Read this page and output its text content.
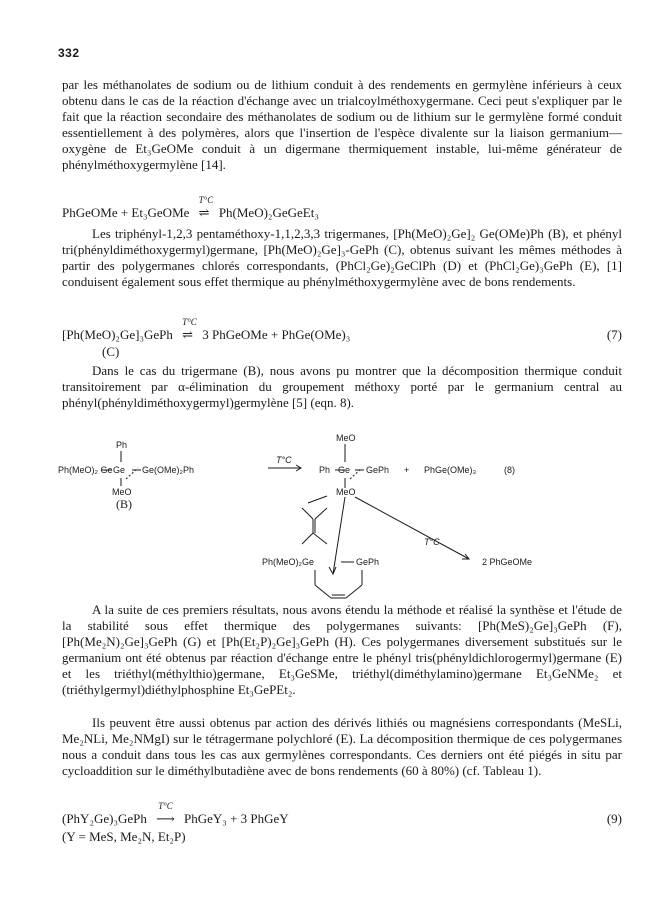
332
par les méthanolates de sodium ou de lithium conduit à des rendements en germylène inférieurs à ceux obtenu dans le cas de la réaction d'échange avec un trialcoylméthoxygermane. Ceci peut s'expliquer par le fait que la réaction secondaire des méthanolates de sodium ou de lithium sur le germylène formé conduit essentiellement à des polymères, alors que l'insertion de l'espèce divalente sur la liaison germanium—oxygène de Et₃GeOMe conduit à un digermane thermiquement instable, lui-même générateur de phénylméthoxygermylène [14].
PhGeOMe + Et₃GeOMe
T°C
⇌ Ph(MeO)₂GeGeEt₃
Les triphényl-1,2,3 pentaméthoxy-1,1,2,3,3 trigermanes, [Ph(MeO)₂Ge]₂ Ge(OMe)Ph (B), et phényl tri(phényldiméthoxygermyl)germane, [Ph(MeO)₂Ge]₃-GePh (C), obtenus suivant les mêmes méthodes à partir des polygermanes chlorés correspondants, (PhCl₂Ge)₂GeClPh (D) et (PhCl₂Ge)₃GePh (E), [1] conduisent également sous effet thermique au phénylméthoxygermylène avec de bons rendements.
[Ph(MeO)₂Ge]₃GePh
T°C
⇌ 3 PhGeOMe + PhGe(OMe)₃	(7)
(C)
Dans le cas du trigermane (B), nous avons pu montrer que la décomposition thermique conduit transitoirement par α-élimination du groupement méthoxy porté par le germanium central au phényl(phényldiméthoxygermyl)germylène [5] (eqn. 8).
Ph
Ph(MeO)₂ Ge Ge Ge(OMe)₂Ph
MeO
(B)
T°C
MeO
Ph Ge GePh
MeO
+ PhGe(OMe)₃	(8)
T°C
Ph(MeO)₂Ge	GePh	2 PhGeOMe
A la suite de ces premiers résultats, nous avons étendu la méthode et réalisé la synthèse et l'étude de la stabilité sous effet thermique des polygermanes suivants: [Ph(MeS)₂Ge]₃GePh (F), [Ph(Me₂N)₂Ge]₃GePh (G) et [Ph(Et₂P)₂Ge]₃GePh (H). Ces polygermanes diversement substitués sur le germanium ont été obtenus par réaction d'échange entre le phényl tris(phényldichlorogermyl)germane (E) et les triéthyl(méthylthio)germane, Et₃GeSMe, triéthyl(diméthylamino)germane Et₃GeNMe₂ et (triéthylgermyl)diéthylphosphine Et₃GePEt₂.
Ils peuvent être aussi obtenus par action des dérivés lithiés ou magnésiens correspondants (MeSLi, Me₂NLi, Me₂NMgI) sur le tétragermane polychloré (E). La décomposition thermique de ces polygermanes nous a conduit dans tous les cas aux germylènes correspondants. Ces derniers ont été piégés in situ par cycloaddition sur le diméthylbutadiène avec de bons rendements (60 à 80%) (cf. Tableau 1).
(PhY₂Ge)₃GePh
T°C
⟶ PhGeY₃ + 3 PhGeY	(9)
(Y = MeS, Me₂N, Et₂P)
